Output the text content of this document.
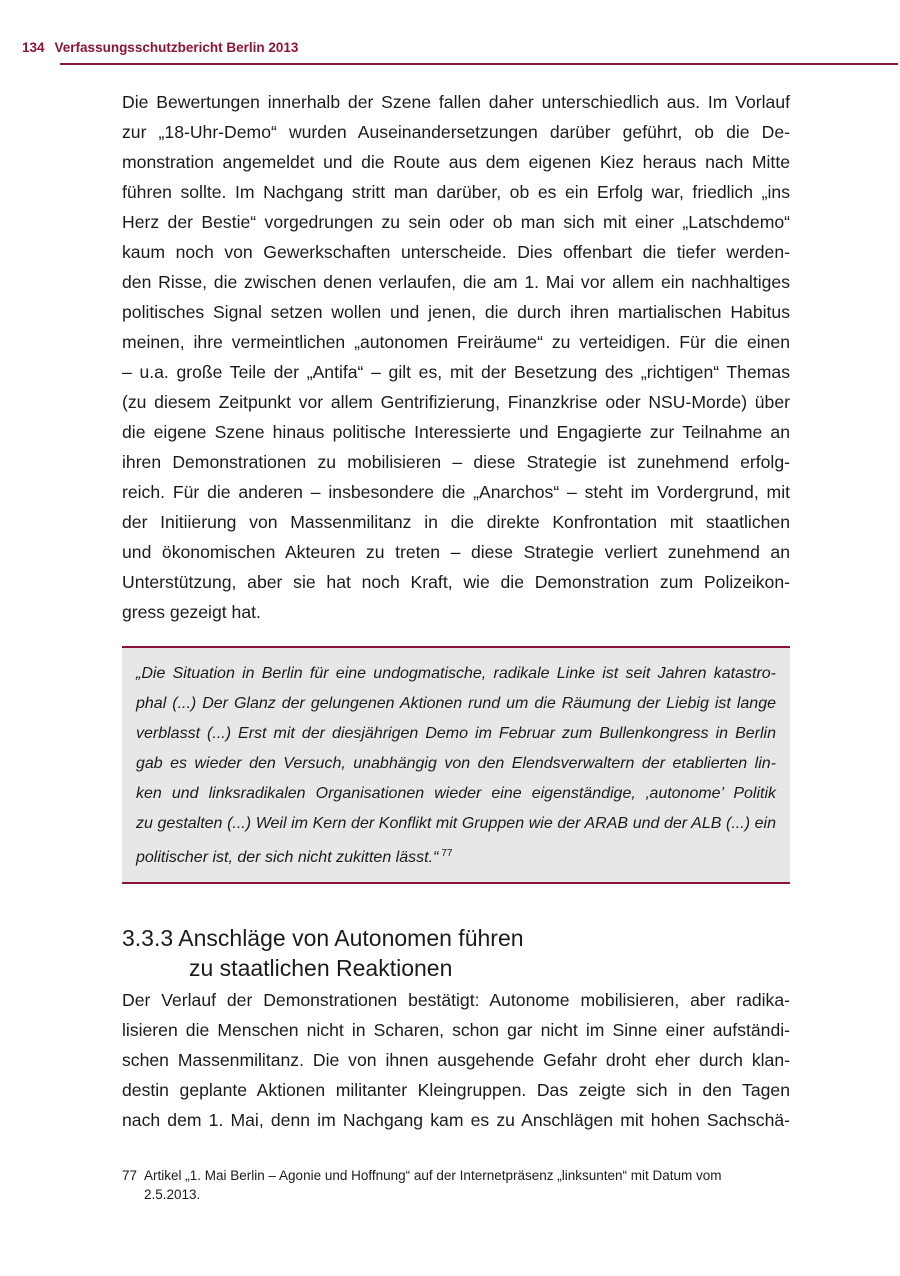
134 Verfassungsschutzbericht Berlin 2013
Die Bewertungen innerhalb der Szene fallen daher unterschiedlich aus. Im Vorlauf
zur „18-Uhr-Demo“ wurden Auseinandersetzungen darüber geführt, ob die De-
monstration angemeldet und die Route aus dem eigenen Kiez heraus nach Mitte
führen sollte. Im Nachgang stritt man darüber, ob es ein Erfolg war, friedlich „ins
Herz der Bestie“ vorgedrungen zu sein oder ob man sich mit einer „Latschdemo“
kaum noch von Gewerkschaften unterscheide. Dies offenbart die tiefer werden-
den Risse, die zwischen denen verlaufen, die am 1. Mai vor allem ein nachhaltiges
politisches Signal setzen wollen und jenen, die durch ihren martialischen Habitus
meinen, ihre vermeintlichen „autonomen Freiräume“ zu verteidigen. Für die einen
– u.a. große Teile der „Antifa“ – gilt es, mit der Besetzung des „richtigen“ Themas
(zu diesem Zeitpunkt vor allem Gentrifizierung, Finanzkrise oder NSU-Morde) über
die eigene Szene hinaus politische Interessierte und Engagierte zur Teilnahme an
ihren Demonstrationen zu mobilisieren – diese Strategie ist zunehmend erfolg-
reich. Für die anderen – insbesondere die „Anarchos“ – steht im Vordergrund, mit
der Initiierung von Massenmilitanz in die direkte Konfrontation mit staatlichen
und ökonomischen Akteuren zu treten – diese Strategie verliert zunehmend an
Unterstützung, aber sie hat noch Kraft, wie die Demonstration zum Polizeikon-
gress gezeigt hat.
„Die Situation in Berlin für eine undogmatische, radikale Linke ist seit Jahren katastro-
phal (...) Der Glanz der gelungenen Aktionen rund um die Räumung der Liebig ist lange
verblasst (...) Erst mit der diesjährigen Demo im Februar zum Bullenkongress in Berlin
gab es wieder den Versuch, unabhängig von den Elendsverwaltern der etablierten lin-
ken und linksradikalen Organisationen wieder eine eigenständige, ‚autonome’ Politik
zu gestalten (...) Weil im Kern der Konflikt mit Gruppen wie der ARAB und der ALB (...) ein
politischer ist, der sich nicht zukitten lässt.“ $^{77}$
3.3.3 Anschläge von Autonomen führen
zu staatlichen Reaktionen
Der Verlauf der Demonstrationen bestätigt: Autonome mobilisieren, aber radika-
lisieren die Menschen nicht in Scharen, schon gar nicht im Sinne einer aufständi-
schen Massenmilitanz. Die von ihnen ausgehende Gefahr droht eher durch klan-
destin geplante Aktionen militanter Kleingruppen. Das zeigte sich in den Tagen
nach dem 1. Mai, denn im Nachgang kam es zu Anschlägen mit hohen Sachschä-
77 Artikel „1. Mai Berlin – Agonie und Hoffnung“ auf der Internetpräsenz „linksunten“ mit Datum vom
2.5.2013.
